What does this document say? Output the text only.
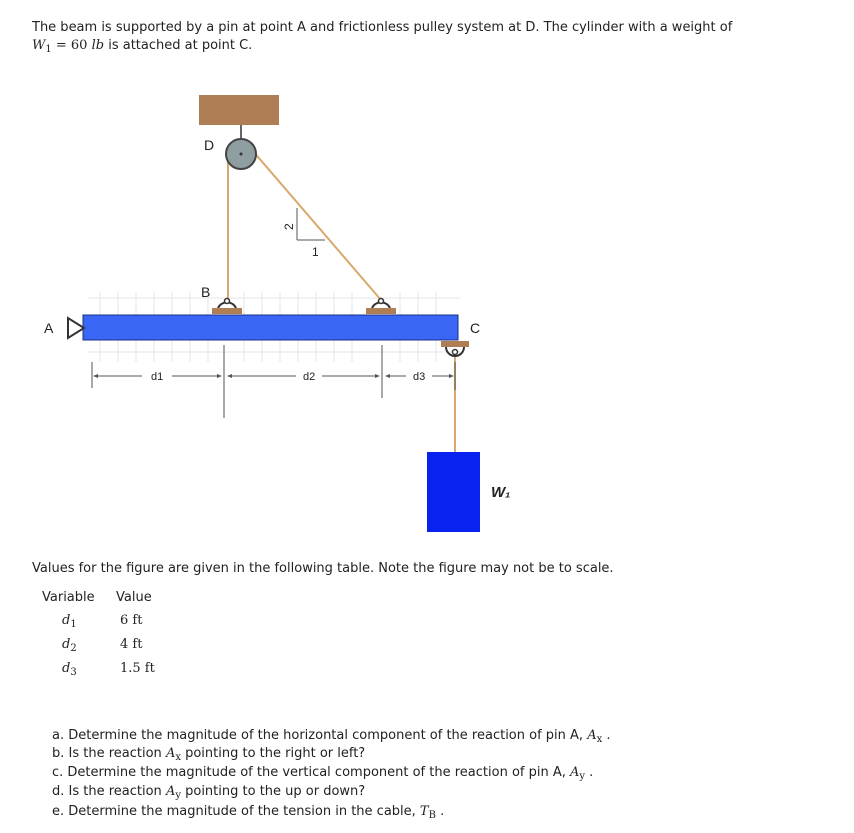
The beam is supported by a pin at point A and frictionless pulley system at D. The cylinder with a weight of
$W_1 = 60$ lb is attached at point C.
D
B
A	C
2
1
d1	d2	d3
W₁
Values for the figure are given in the following table. Note the figure may not be to scale.
Variable Value
$d_1$	6 ft
$d_2$	4 ft
$d_3$	1.5 ft
a. Determine the magnitude of the horizontal component of the reaction of pin A, $A_x$ .
b. Is the reaction $A_x$ pointing to the right or left?
c. Determine the magnitude of the vertical component of the reaction of pin A, $A_y$ .
d. Is the reaction $A_y$ pointing to the up or down?
e. Determine the magnitude of the tension in the cable, $T_B$ .
